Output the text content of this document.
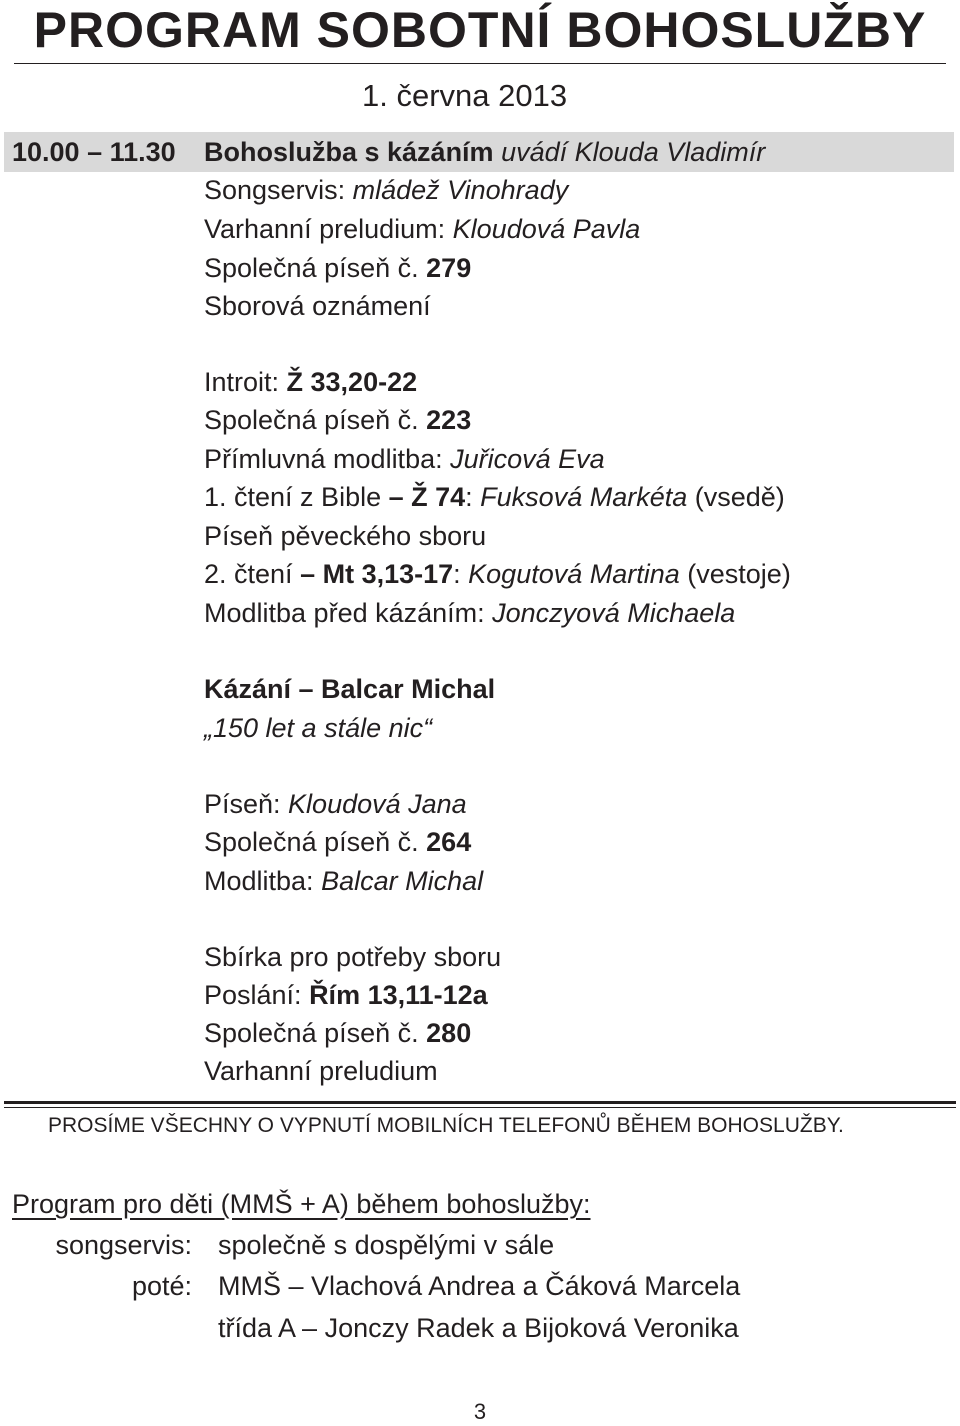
PROGRAM SOBOTNÍ BOHOSLUŽBY
1. června 2013
10.00 – 11.30 Bohoslužba s kázáním uvádí Klouda Vladimír
Songservis: mládež Vinohrady
Varhanní preludium: Kloudová Pavla
Společná píseň č. 279
Sborová oznámení
Introit: Ž 33,20-22
Společná píseň č. 223
Přímluvná modlitba: Juřicová Eva
1. čtení z Bible – Ž 74: Fuksová Markéta (vsedě)
Píseň pěveckého sboru
2. čtení – Mt 3,13-17: Kogutová Martina (vestoje)
Modlitba před kázáním: Jonczyová Michaela
Kázání – Balcar Michal
„150 let a stále nic“
Píseň: Kloudová Jana
Společná píseň č. 264
Modlitba: Balcar Michal
Sbírka pro potřeby sboru
Poslání: Řím 13,11-12a
Společná píseň č. 280
Varhanní preludium
PROSÍME VŠECHNY O VYPNUTÍ MOBILNÍCH TELEFONŮ BĚHEM BOHOSLUŽBY.
Program pro děti (MMŠ + A) během bohoslužby:
songservis: společně s dospělými v sále
poté: MMŠ – Vlachová Andrea a Čáková Marcela
třída A – Jonczy Radek a Bijoková Veronika
3
